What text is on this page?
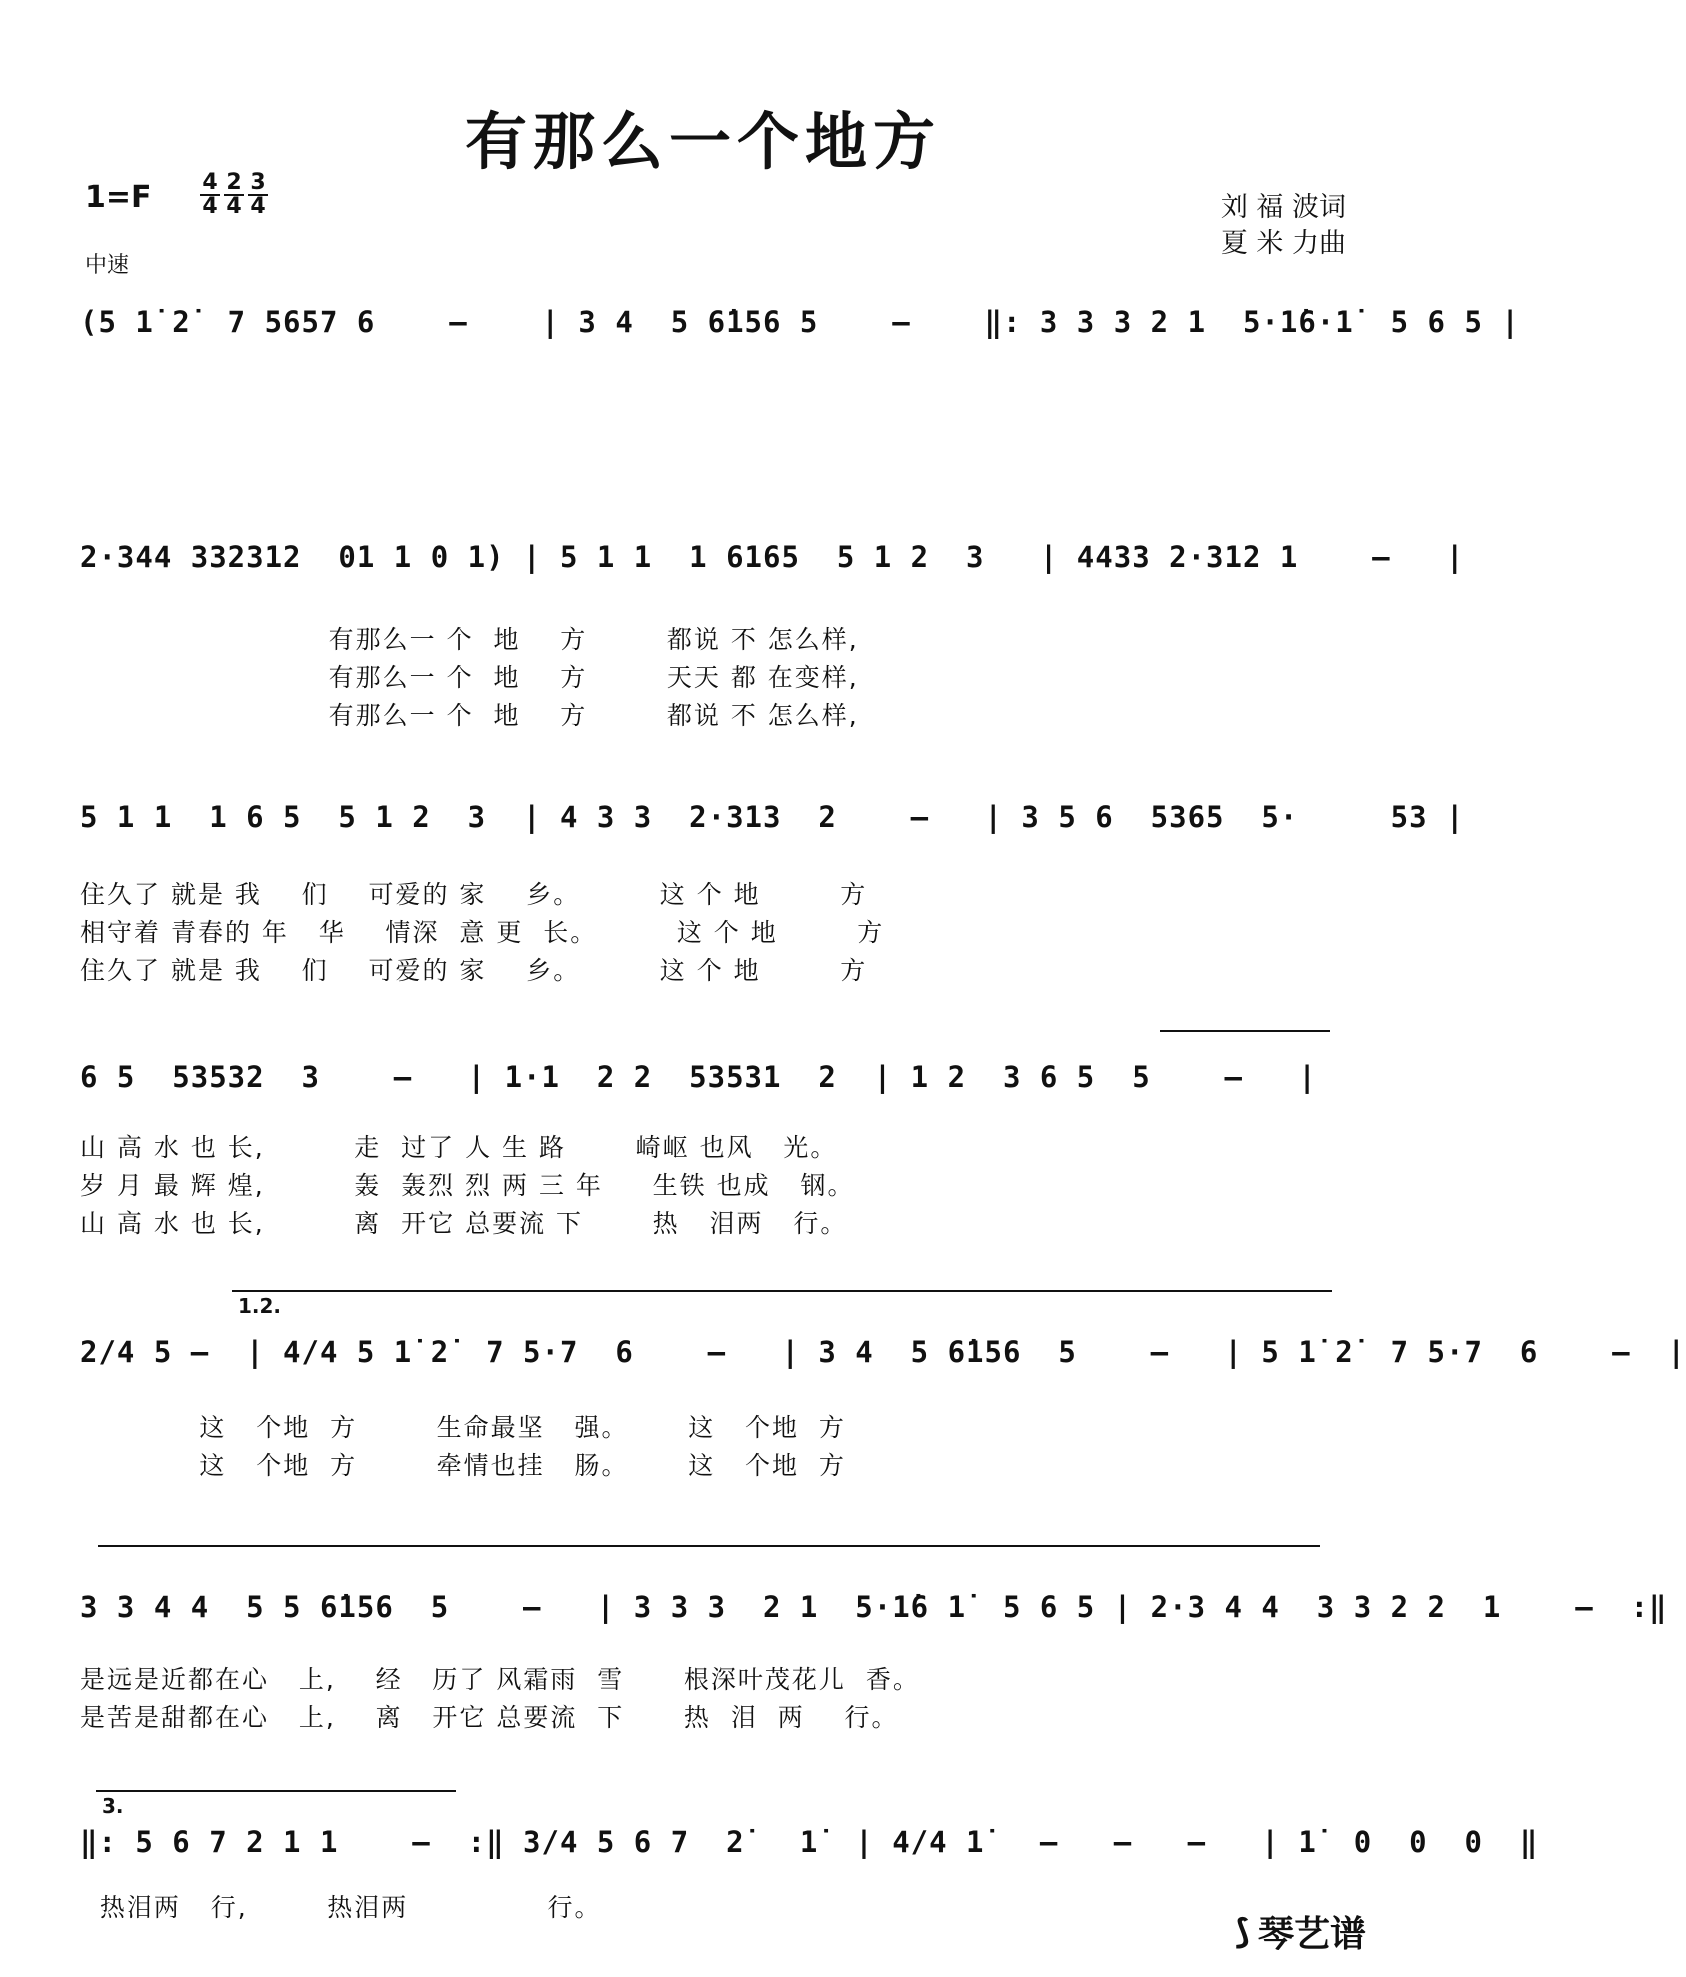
有那么一个地方
$1=F \frac{4}{4} \frac{2}{4} \frac{3}{4}$
中速
刘 福 波词
夏 米 力曲
(5 1̇ 2̇  7 5657 6    —    | 3 4  5 6̇156 5    —    ‖: 3 3 3 2 1  5·1̇6·1̇  5 6 5 |
2·344 332312  01 1 0 1) | 5 1 1  1 6165  5 1 2  3   | 4433 2·312 1    —   |
有那么一 个  地    方        都说 不 怎么样,
有那么一 个  地    方        天天 都 在变样,
有那么一 个  地    方        都说 不 怎么样,
5 1 1  1 6 5  5 1 2  3  | 4 3 3  2·313  2    —   | 3 5 6  5365  5·     53 |
住久了 就是 我    们    可爱的 家    乡。        这 个 地        方
相守着 青春的 年   华    情深  意 更  长。        这 个 地        方
住久了 就是 我    们    可爱的 家    乡。        这 个 地        方
6 5  53532  3    —   | 1·1  2 2  53531  2  | 1 2  3 6 5  5    —   |
山 高 水 也 长,         走  过了 人 生 路       崎岖 也风   光。
岁 月 最 辉 煌,         轰  轰烈 烈 两 三 年     生铁 也成   钢。
山 高 水 也 长,         离  开它 总要流 下       热   泪两   行。
1.2.
2/4 5 —  | 4/4 5 1̇ 2̇  7 5·7  6    —   | 3 4  5 6̇156  5    —   | 5 1̇ 2̇  7 5·7  6    —  |
这   个地  方        生命最坚   强。      这   个地  方
这   个地  方        牵情也挂   肠。      这   个地  方
3 3 4 4  5 5 6̇156  5    —   | 3 3 3  2 1  5·1̇6 1̇  5 6 5 | 2·3 4 4  3 3 2 2  1    —  :‖
是远是近都在心   上,    经   历了 风霜雨  雪      根深叶茂花儿  香。
是苦是甜都在心   上,    离   开它 总要流  下      热  泪  两    行。
3.
‖: 5 6 7 2 1 1    —  :‖ 3/4 5 6 7  2̇   1̇  | 4/4 1̇   —   —   —   | 1̇  0  0  0  ‖
热泪两   行,        热泪两              行。
⟆ 琴艺谱
